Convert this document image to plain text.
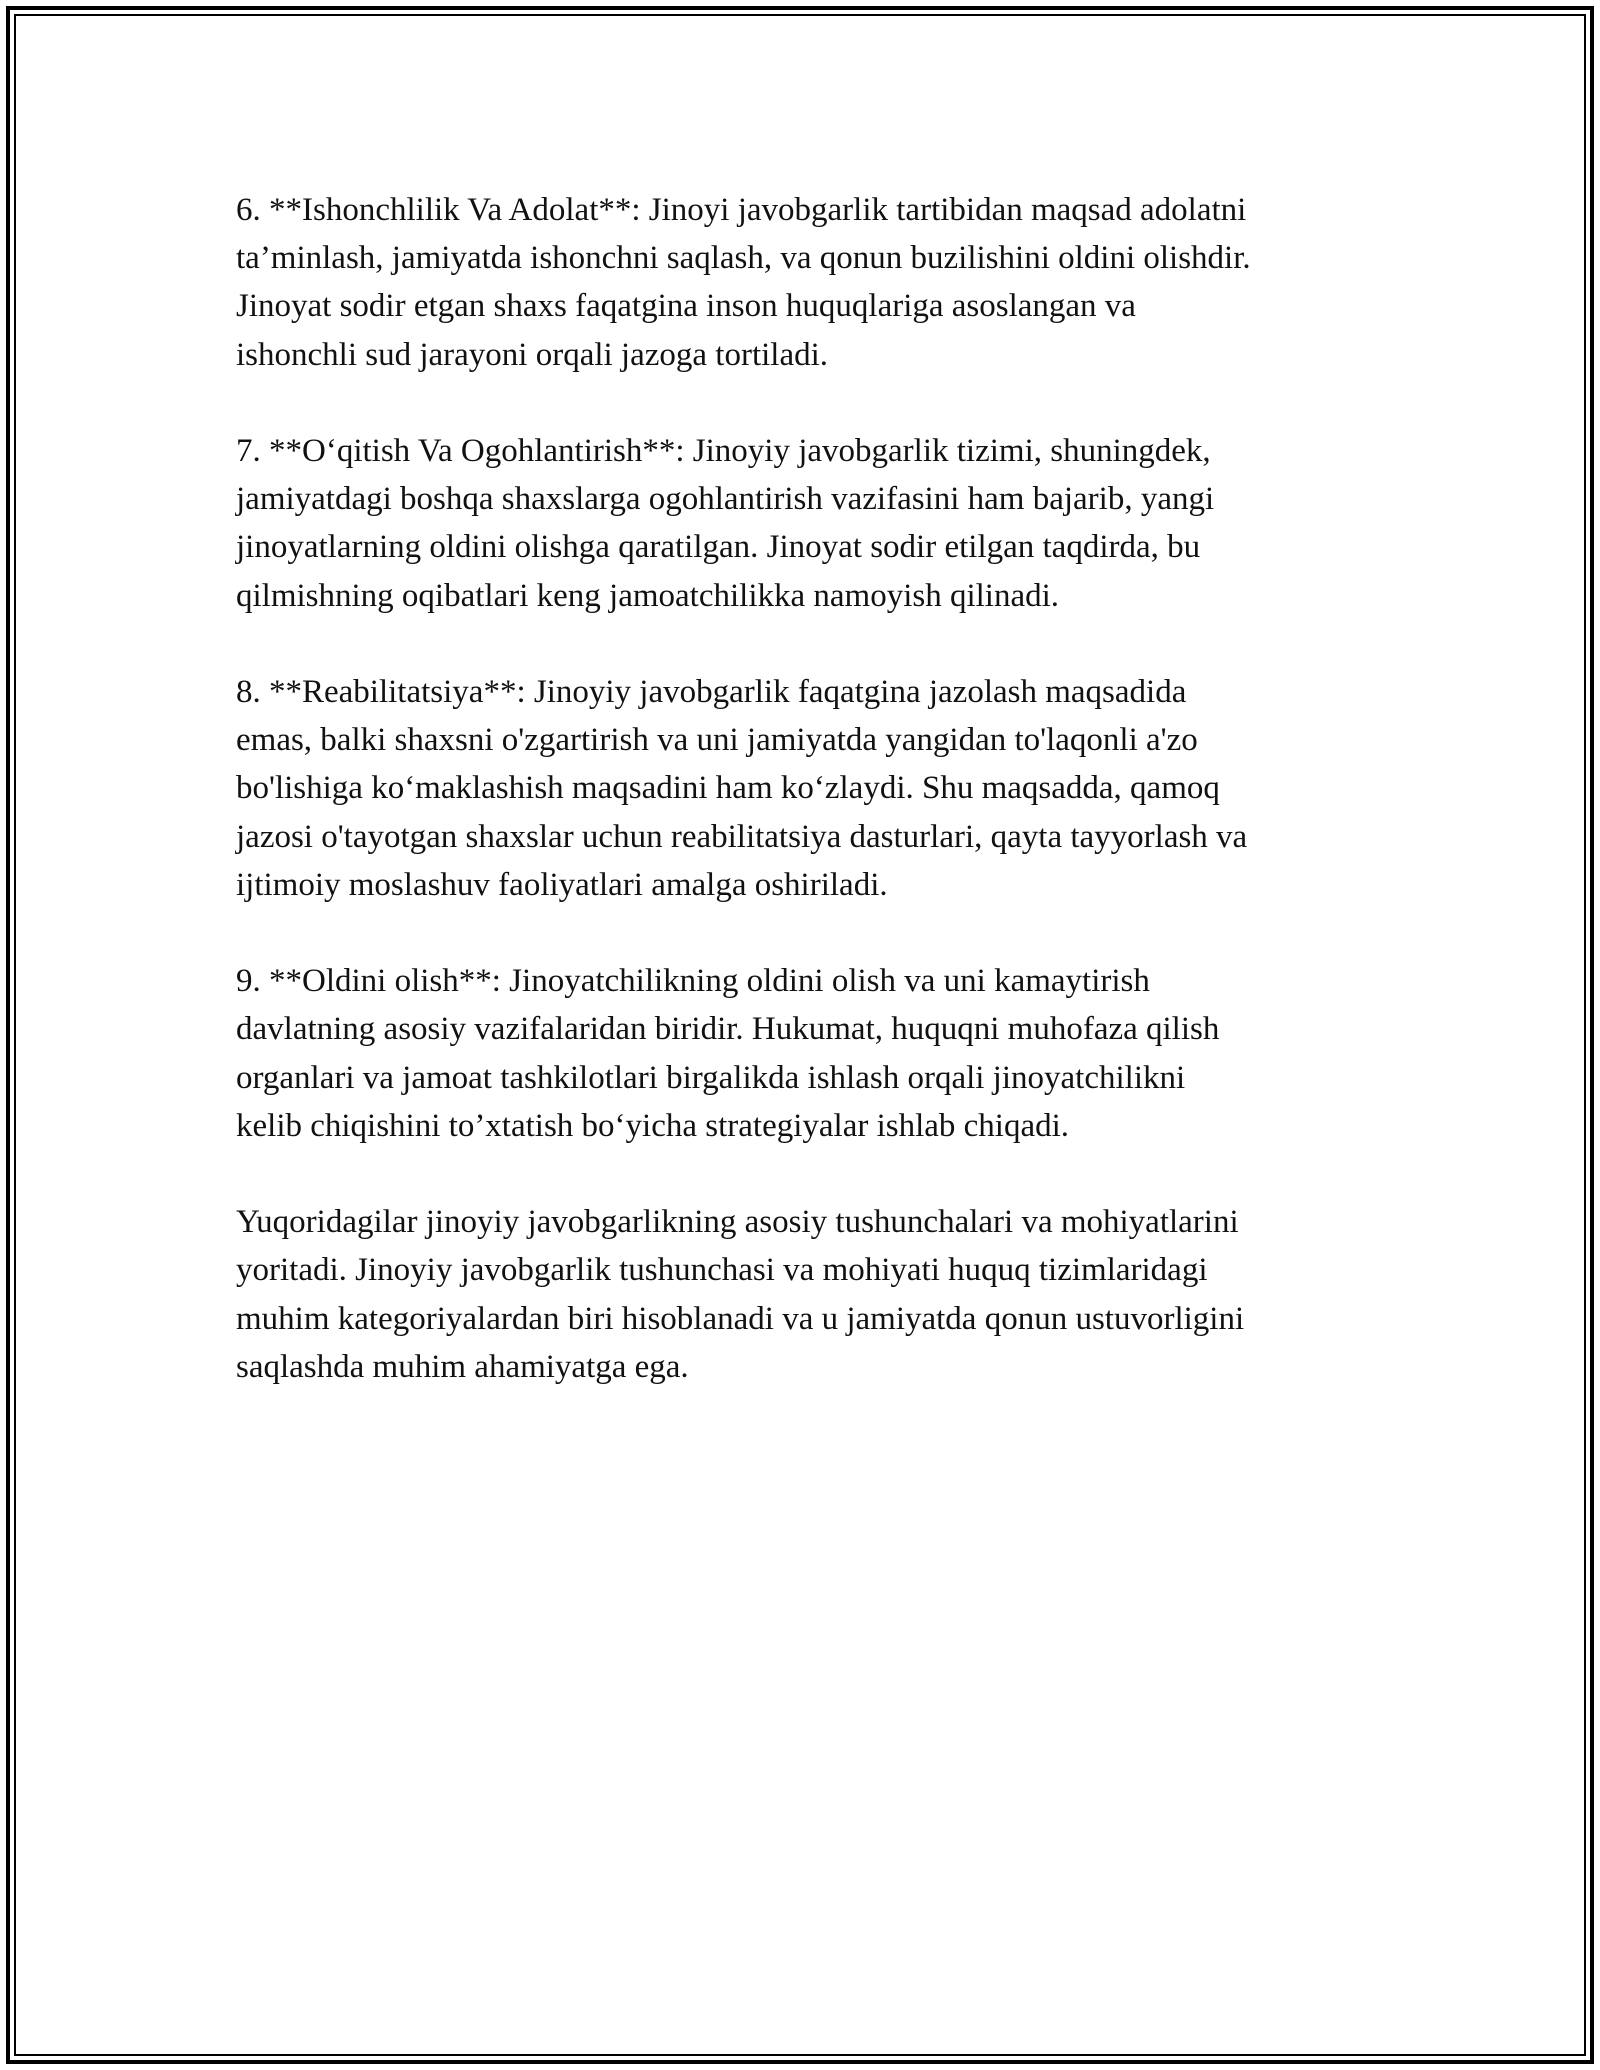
6. **Ishonchlilik Va Adolat**: Jinoyi javobgarlik tartibidan maqsad adolatni
ta’minlash, jamiyatda ishonchni saqlash, va qonun buzilishini oldini olishdir.
Jinoyat sodir etgan shaxs faqatgina inson huquqlariga asoslangan va
ishonchli sud jarayoni orqali jazoga tortiladi.

7. **O‘qitish Va Ogohlantirish**: Jinoyiy javobgarlik tizimi, shuningdek,
jamiyatdagi boshqa shaxslarga ogohlantirish vazifasini ham bajarib, yangi
jinoyatlarning oldini olishga qaratilgan. Jinoyat sodir etilgan taqdirda, bu
qilmishning oqibatlari keng jamoatchilikka namoyish qilinadi.

8. **Reabilitatsiya**: Jinoyiy javobgarlik faqatgina jazolash maqsadida
emas, balki shaxsni o'zgartirish va uni jamiyatda yangidan to'laqonli a'zo
bo'lishiga ko‘maklashish maqsadini ham ko‘zlaydi. Shu maqsadda, qamoq
jazosi o'tayotgan shaxslar uchun reabilitatsiya dasturlari, qayta tayyorlash va
ijtimoiy moslashuv faoliyatlari amalga oshiriladi.

9. **Oldini olish**: Jinoyatchilikning oldini olish va uni kamaytirish
davlatning asosiy vazifalaridan biridir. Hukumat, huquqni muhofaza qilish
organlari va jamoat tashkilotlari birgalikda ishlash orqali jinoyatchilikni
kelib chiqishini to’xtatish bo‘yicha strategiyalar ishlab chiqadi.

Yuqoridagilar jinoyiy javobgarlikning asosiy tushunchalari va mohiyatlarini
yoritadi. Jinoyiy javobgarlik tushunchasi va mohiyati huquq tizimlaridagi
muhim kategoriyalardan biri hisoblanadi va u jamiyatda qonun ustuvorligini
saqlashda muhim ahamiyatga ega.
